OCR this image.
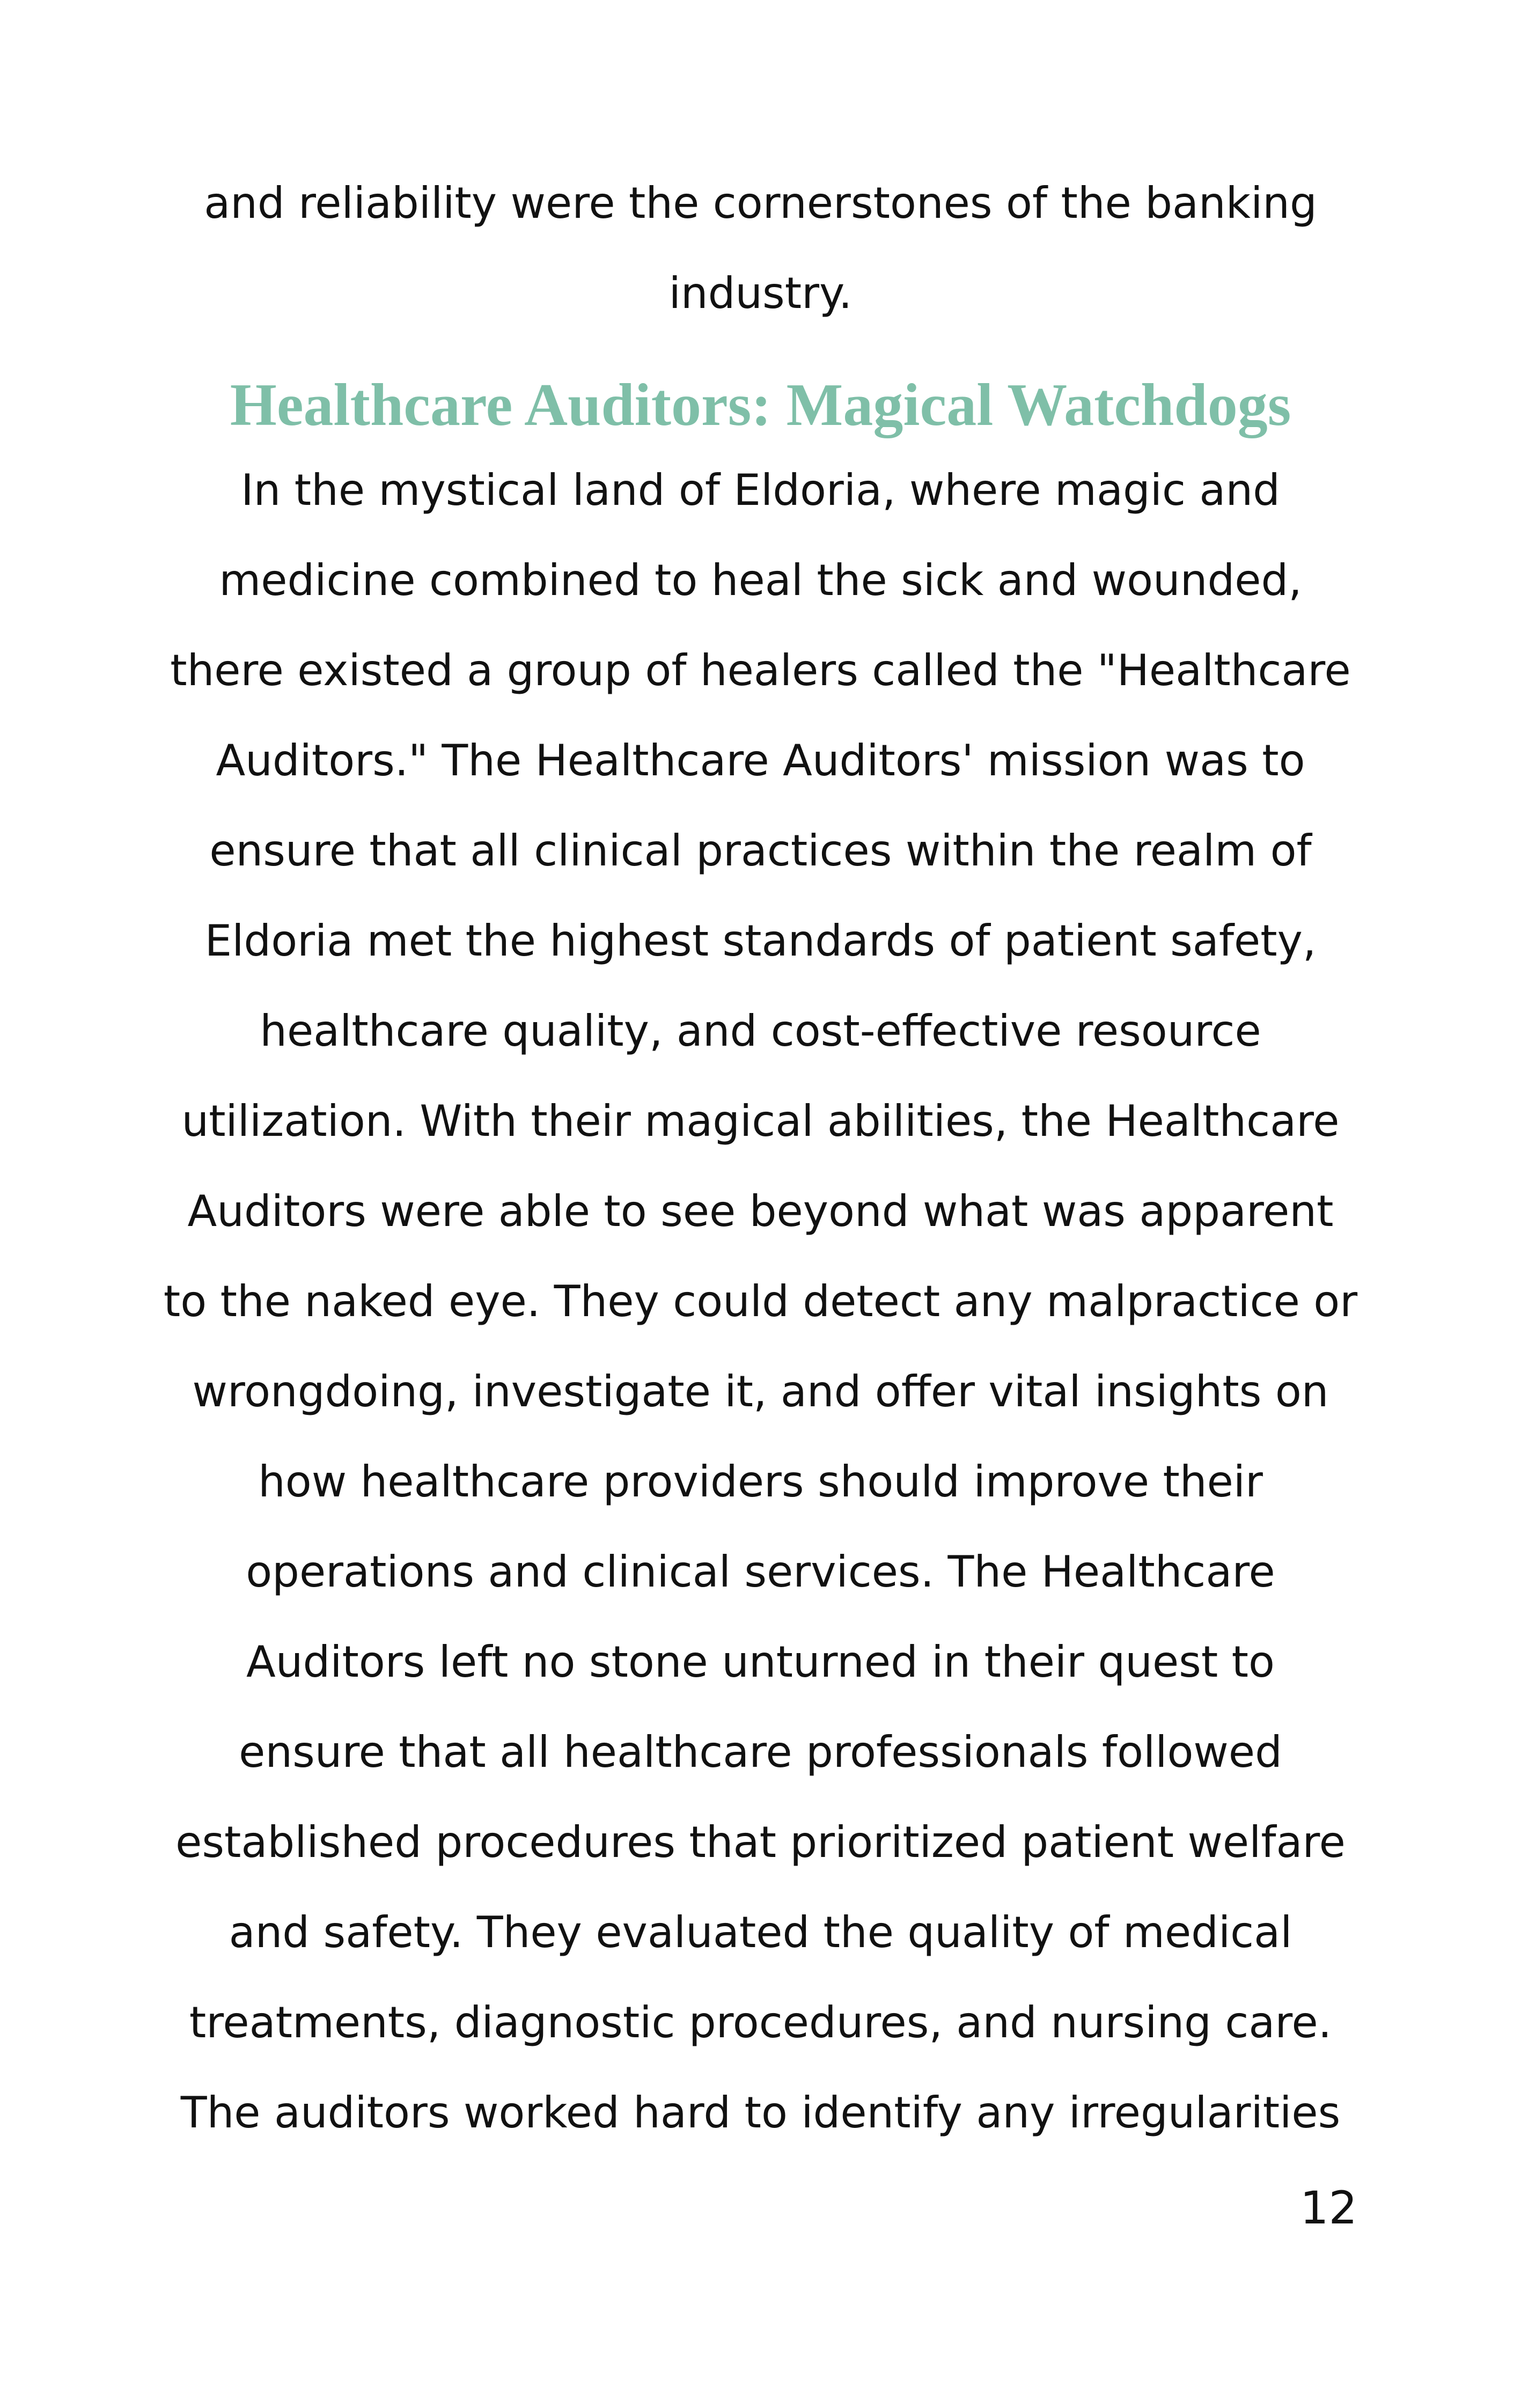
and reliability were the cornerstones of the banking
industry.
Healthcare Auditors: Magical Watchdogs
In the mystical land of Eldoria, where magic and
medicine combined to heal the sick and wounded,
there existed a group of healers called the "Healthcare
Auditors." The Healthcare Auditors' mission was to
ensure that all clinical practices within the realm of
Eldoria met the highest standards of patient safety,
healthcare quality, and cost-effective resource
utilization. With their magical abilities, the Healthcare
Auditors were able to see beyond what was apparent
to the naked eye. They could detect any malpractice or
wrongdoing, investigate it, and offer vital insights on
how healthcare providers should improve their
operations and clinical services. The Healthcare
Auditors left no stone unturned in their quest to
ensure that all healthcare professionals followed
established procedures that prioritized patient welfare
and safety. They evaluated the quality of medical
treatments, diagnostic procedures, and nursing care.
The auditors worked hard to identify any irregularities
12
